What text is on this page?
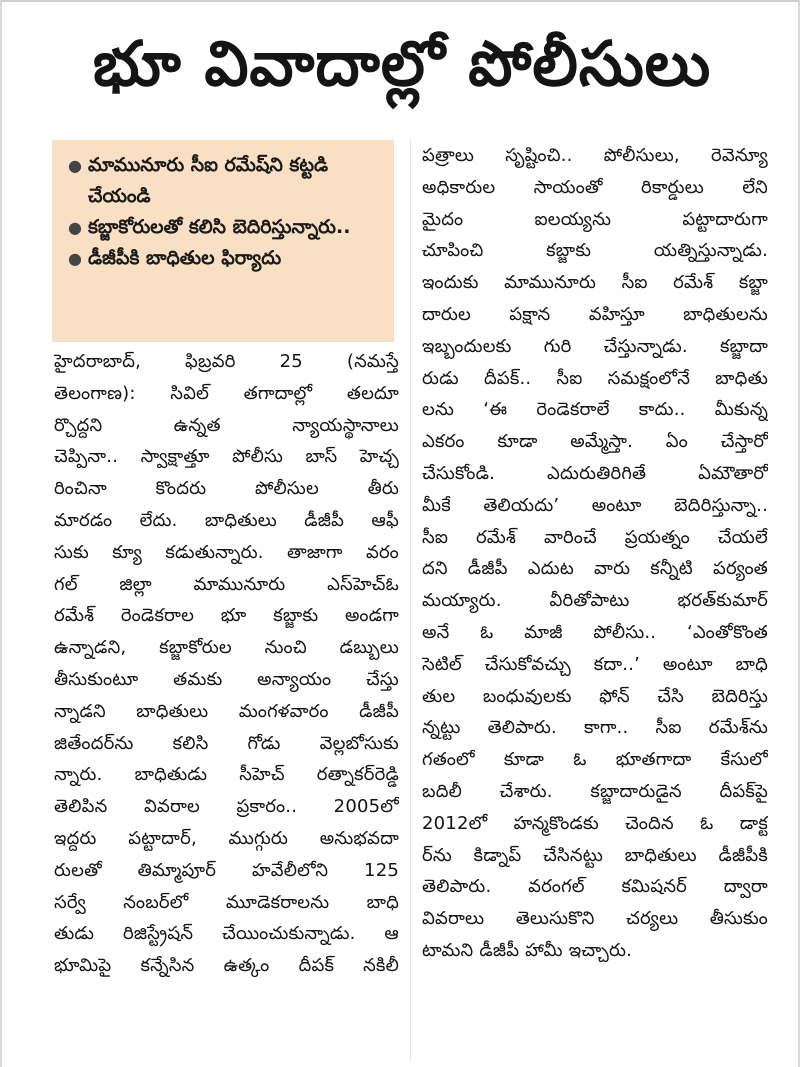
భూ వివాదాల్లో పోలీసులు
● మామునూరు సీఐ రమేష్‌ని కట్టడి చేయండి
● కబ్జాకోరులతో కలిసి బెదిరిస్తున్నారు..
● డీజీపీకి బాధితుల ఫిర్యాదు
హైదరాబాద్, ఫిబ్రవరి 25 (నమస్తే
తెలంగాణ): సివిల్ తగాదాల్లో తలదూ
ర్చొద్దని ఉన్నత న్యాయస్థానాలు
చెప్పినా.. స్వాక్షాత్తూ పోలీసు బాస్ హెచ్చ
రించినా కొందరు పోలీసుల తీరు
మారడం లేదు. బాధితులు డీజీపీ ఆఫీ
సుకు క్యూ కడుతున్నారు. తాజాగా వరం
గల్ జిల్లా మామునూరు ఎస్‌హెచ్‌ఓ
రమేశ్ రెండెకరాల భూ కబ్జాకు అండగా
ఉన్నాడని, కబ్జాకోరుల నుంచి డబ్బులు
తీసుకుంటూ తమకు అన్యాయం చేస్తు
న్నాడని బాధితులు మంగళవారం డీజీపీ
జితేందర్‌ను కలిసి గోడు వెల్లబోసుకు
న్నారు. బాధితుడు సీహెచ్ రత్నాకర్‌రెడ్డి
తెలిపిన వివరాల ప్రకారం.. 2005లో
ఇద్దరు పట్టాదార్, ముగ్గురు అనుభవదా
రులతో తిమ్మాపూర్ హవేలీలోని 125
సర్వే నంబర్‌లో మూడెకరాలను బాధి
తుడు రిజిస్ట్రేషన్ చేయించుకున్నాడు. ఆ
భూమిపై కన్నేసిన ఉత్కం దీపక్ నకిలీ
పత్రాలు సృష్టించి.. పోలీసులు, రెవెన్యూ
అధికారుల సాయంతో రికార్డులు లేని
మైదం ఐలయ్యను పట్టాదారుగా
చూపించి కబ్జాకు యత్నిస్తున్నాడు.
ఇందుకు మామునూరు సీఐ రమేశ్ కబ్జా
దారుల పక్షాన వహిస్తూ బాధితులను
ఇబ్బందులకు గురి చేస్తున్నాడు. కబ్జాదా
రుడు దీపక్.. సీఐ సమక్షంలోనే బాధితు
లను ‘ఈ రెండెకరాలే కాదు.. మీకున్న
ఎకరం కూడా అమ్మేస్తా. ఏం చేస్తారో
చేసుకోండి. ఎదురుతిరిగితే ఏమౌతారో
మీకే తెలియదు’ అంటూ బెదిరిస్తున్నా..
సీఐ రమేశ్ వారించే ప్రయత్నం చేయలే
దని డీజీపీ ఎదుట వారు కన్నీటి పర్యంత
మయ్యారు. వీరితోపాటు భరత్‌కుమార్
అనే ఓ మాజీ పోలీసు.. ‘ఎంతోకొంత
సెటిల్ చేసుకోవచ్చు కదా..’ అంటూ బాధి
తుల బంధువులకు ఫోన్ చేసి బెదిరిస్తు
న్నట్టు తెలిపారు. కాగా.. సీఐ రమేశ్‌ను
గతంలో కూడా ఓ భూతగాదా కేసులో
బదిలీ చేశారు. కబ్జాదారుడైన దీపక్‌పై
2012లో హన్మకొండకు చెందిన ఓ డాక్ట
ర్‌ను కిడ్నాప్ చేసినట్టు బాధితులు డీజీపీకి
తెలిపారు. వరంగల్ కమిషనర్ ద్వారా
వివరాలు తెలుసుకొని చర్యలు తీసుకుం
టామని డీజీపీ హామీ ఇచ్చారు.
